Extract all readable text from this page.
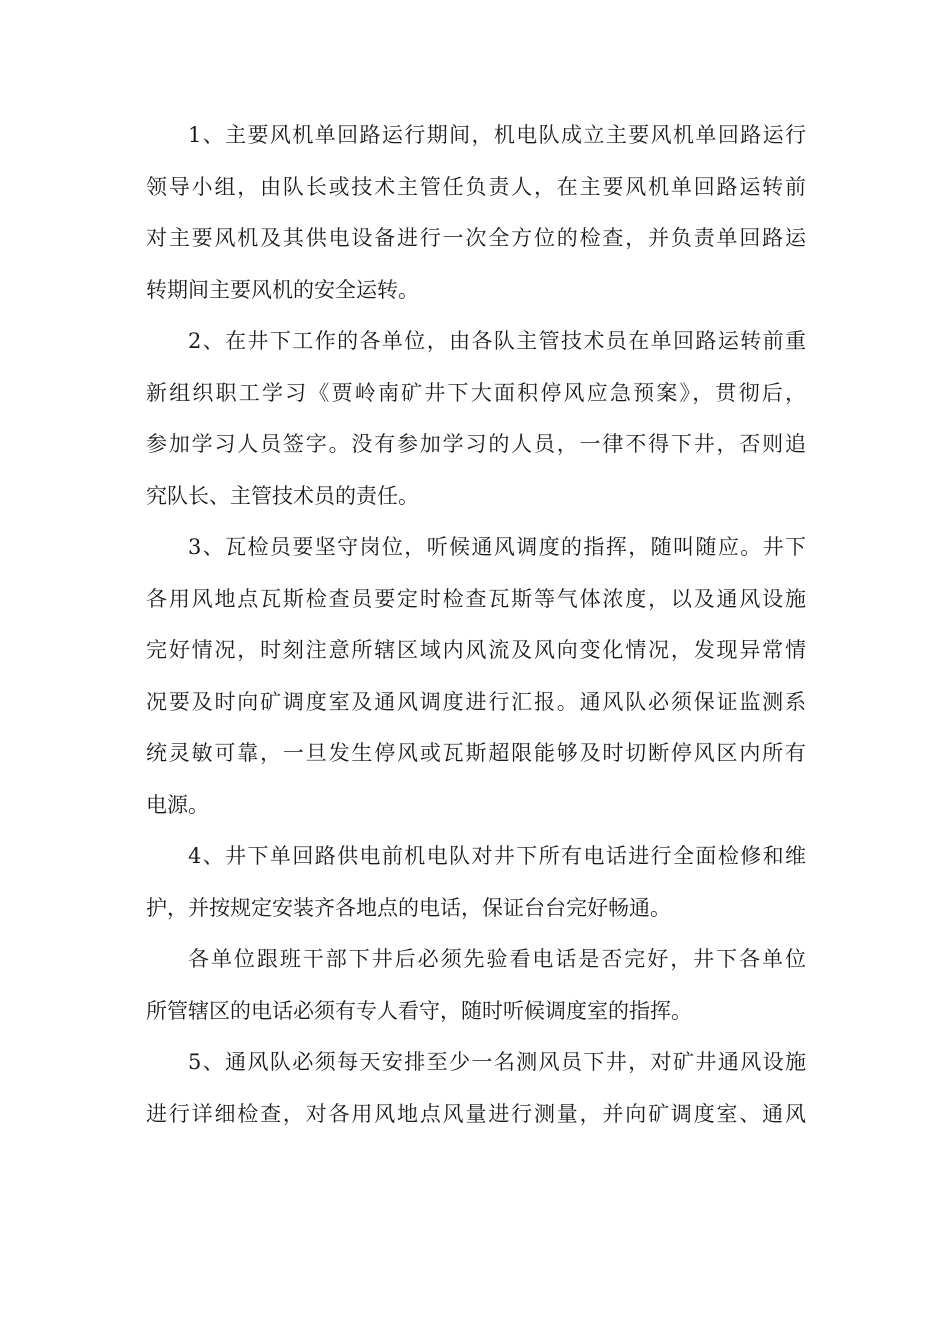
1、主要风机单回路运行期间，机电队成立主要风机单回路运行
领导小组，由队长或技术主管任负责人，在主要风机单回路运转前
对主要风机及其供电设备进行一次全方位的检查，并负责单回路运
转期间主要风机的安全运转。
2、在井下工作的各单位，由各队主管技术员在单回路运转前重
新组织职工学习《贾岭南矿井下大面积停风应急预案》，贯彻后，
参加学习人员签字。没有参加学习的人员，一律不得下井，否则追
究队长、主管技术员的责任。
3、瓦检员要坚守岗位，听候通风调度的指挥，随叫随应。井下
各用风地点瓦斯检查员要定时检查瓦斯等气体浓度，以及通风设施
完好情况，时刻注意所辖区域内风流及风向变化情况，发现异常情
况要及时向矿调度室及通风调度进行汇报。通风队必须保证监测系
统灵敏可靠，一旦发生停风或瓦斯超限能够及时切断停风区内所有
电源。
4、井下单回路供电前机电队对井下所有电话进行全面检修和维
护，并按规定安装齐各地点的电话，保证台台完好畅通。
各单位跟班干部下井后必须先验看电话是否完好，井下各单位
所管辖区的电话必须有专人看守，随时听候调度室的指挥。
5、通风队必须每天安排至少一名测风员下井，对矿井通风设施
进行详细检查，对各用风地点风量进行测量，并向矿调度室、通风
